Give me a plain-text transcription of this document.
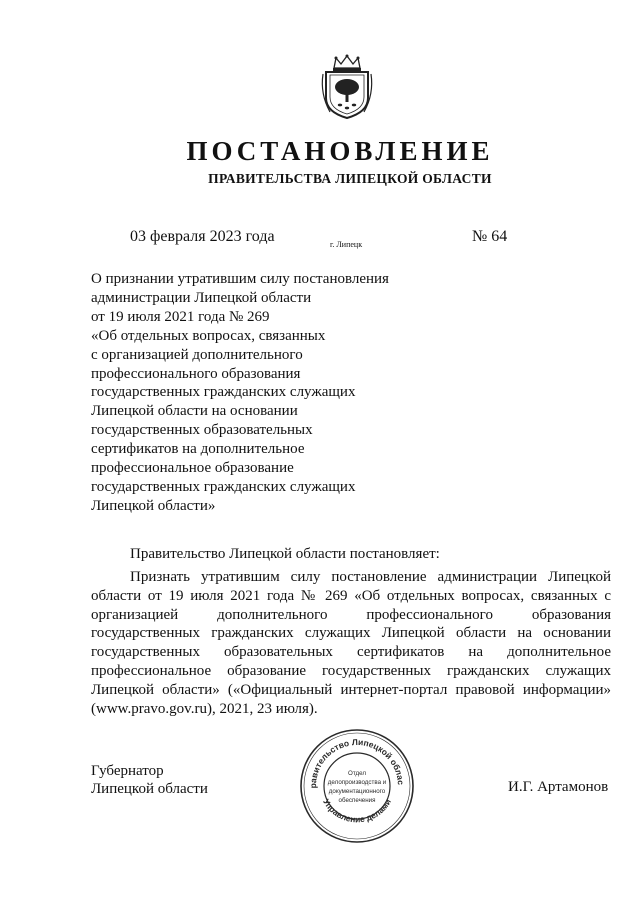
ПОСТАНОВЛЕНИЕ
ПРАВИТЕЛЬСТВА ЛИПЕЦКОЙ ОБЛАСТИ
03 февраля 2023 года	г. Липецк	№ 64
О признании утратившим силу постановления
администрации Липецкой области
от 19 июля 2021 года № 269
«Об отдельных вопросах, связанных
с организацией дополнительного
профессионального образования
государственных гражданских служащих
Липецкой области на основании
государственных образовательных
сертификатов на дополнительное
профессиональное образование
государственных гражданских служащих
Липецкой области»
Правительство Липецкой области постановляет:
Признать утратившим силу постановление администрации Липецкой
области от 19 июля 2021 года № 269 «Об отдельных вопросах, связанных с
организацией дополнительного профессионального образования
государственных гражданских служащих Липецкой области на основании
государственных образовательных сертификатов на дополнительное
профессиональное образование государственных гражданских служащих
Липецкой области» («Официальный интернет-портал правовой информации»
(www.pravo.gov.ru), 2021, 23 июля).
Губернатор
Липецкой области	И.Г. Артамонов
равительство Липецкой облас
Управление делами
Отдел
делопроизводства и
документационного
обеспечения
